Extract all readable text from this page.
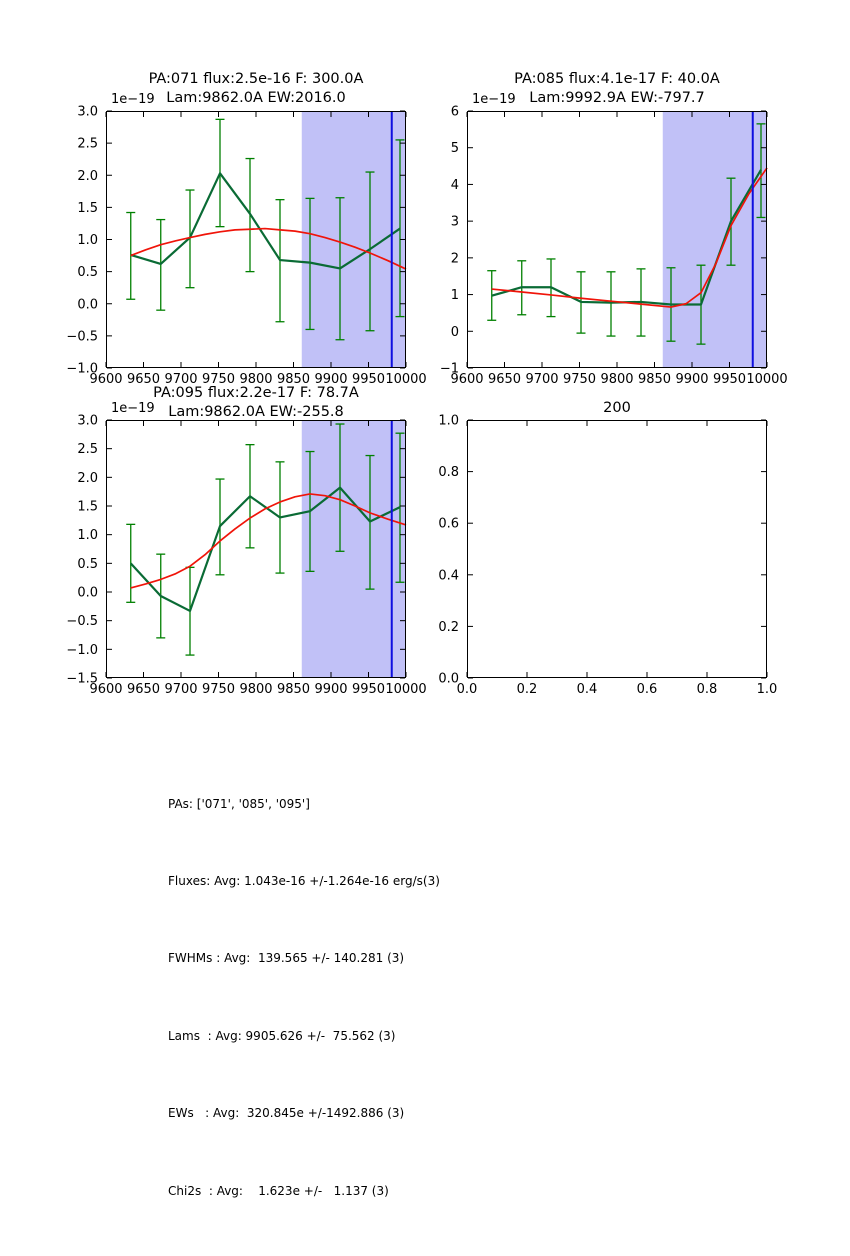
PA:071 flux:2.5e-16 F: 300.0A
Lam:9862.0A EW:2016.0
1e−19
9600 9650 9700 9750 9800 9850 9900 9950 10000
−1.0
−0.5
0.0
0.5
1.0
1.5
2.0
2.5
3.0
PA:085 flux:4.1e-17 F: 40.0A
Lam:9992.9A EW:-797.7
1e−19
9600 9650 9700 9750 9800 9850 9900 9950 10000
−1
0
1
2
3
4
5
6
PA:095 flux:2.2e-17 F: 78.7A
Lam:9862.0A EW:-255.8
1e−19
9600 9650 9700 9750 9800 9850 9900 9950 10000
−1.5
−1.0
−0.5
0.0
0.5
1.0
1.5
2.0
2.5
3.0
200
0.0	0.2	0.4	0.6	0.8	1.0
0.0
0.2
0.4
0.6
0.8
1.0

PAs: ['071', '085', '095']

Fluxes: Avg: 1.043e-16 +/-1.264e-16 erg/s(3)

FWHMs : Avg:  139.565 +/- 140.281 (3)

Lams  : Avg: 9905.626 +/-  75.562 (3)

EWs   : Avg:  320.845e +/-1492.886 (3)

Chi2s  : Avg:    1.623e +/-   1.137 (3)
